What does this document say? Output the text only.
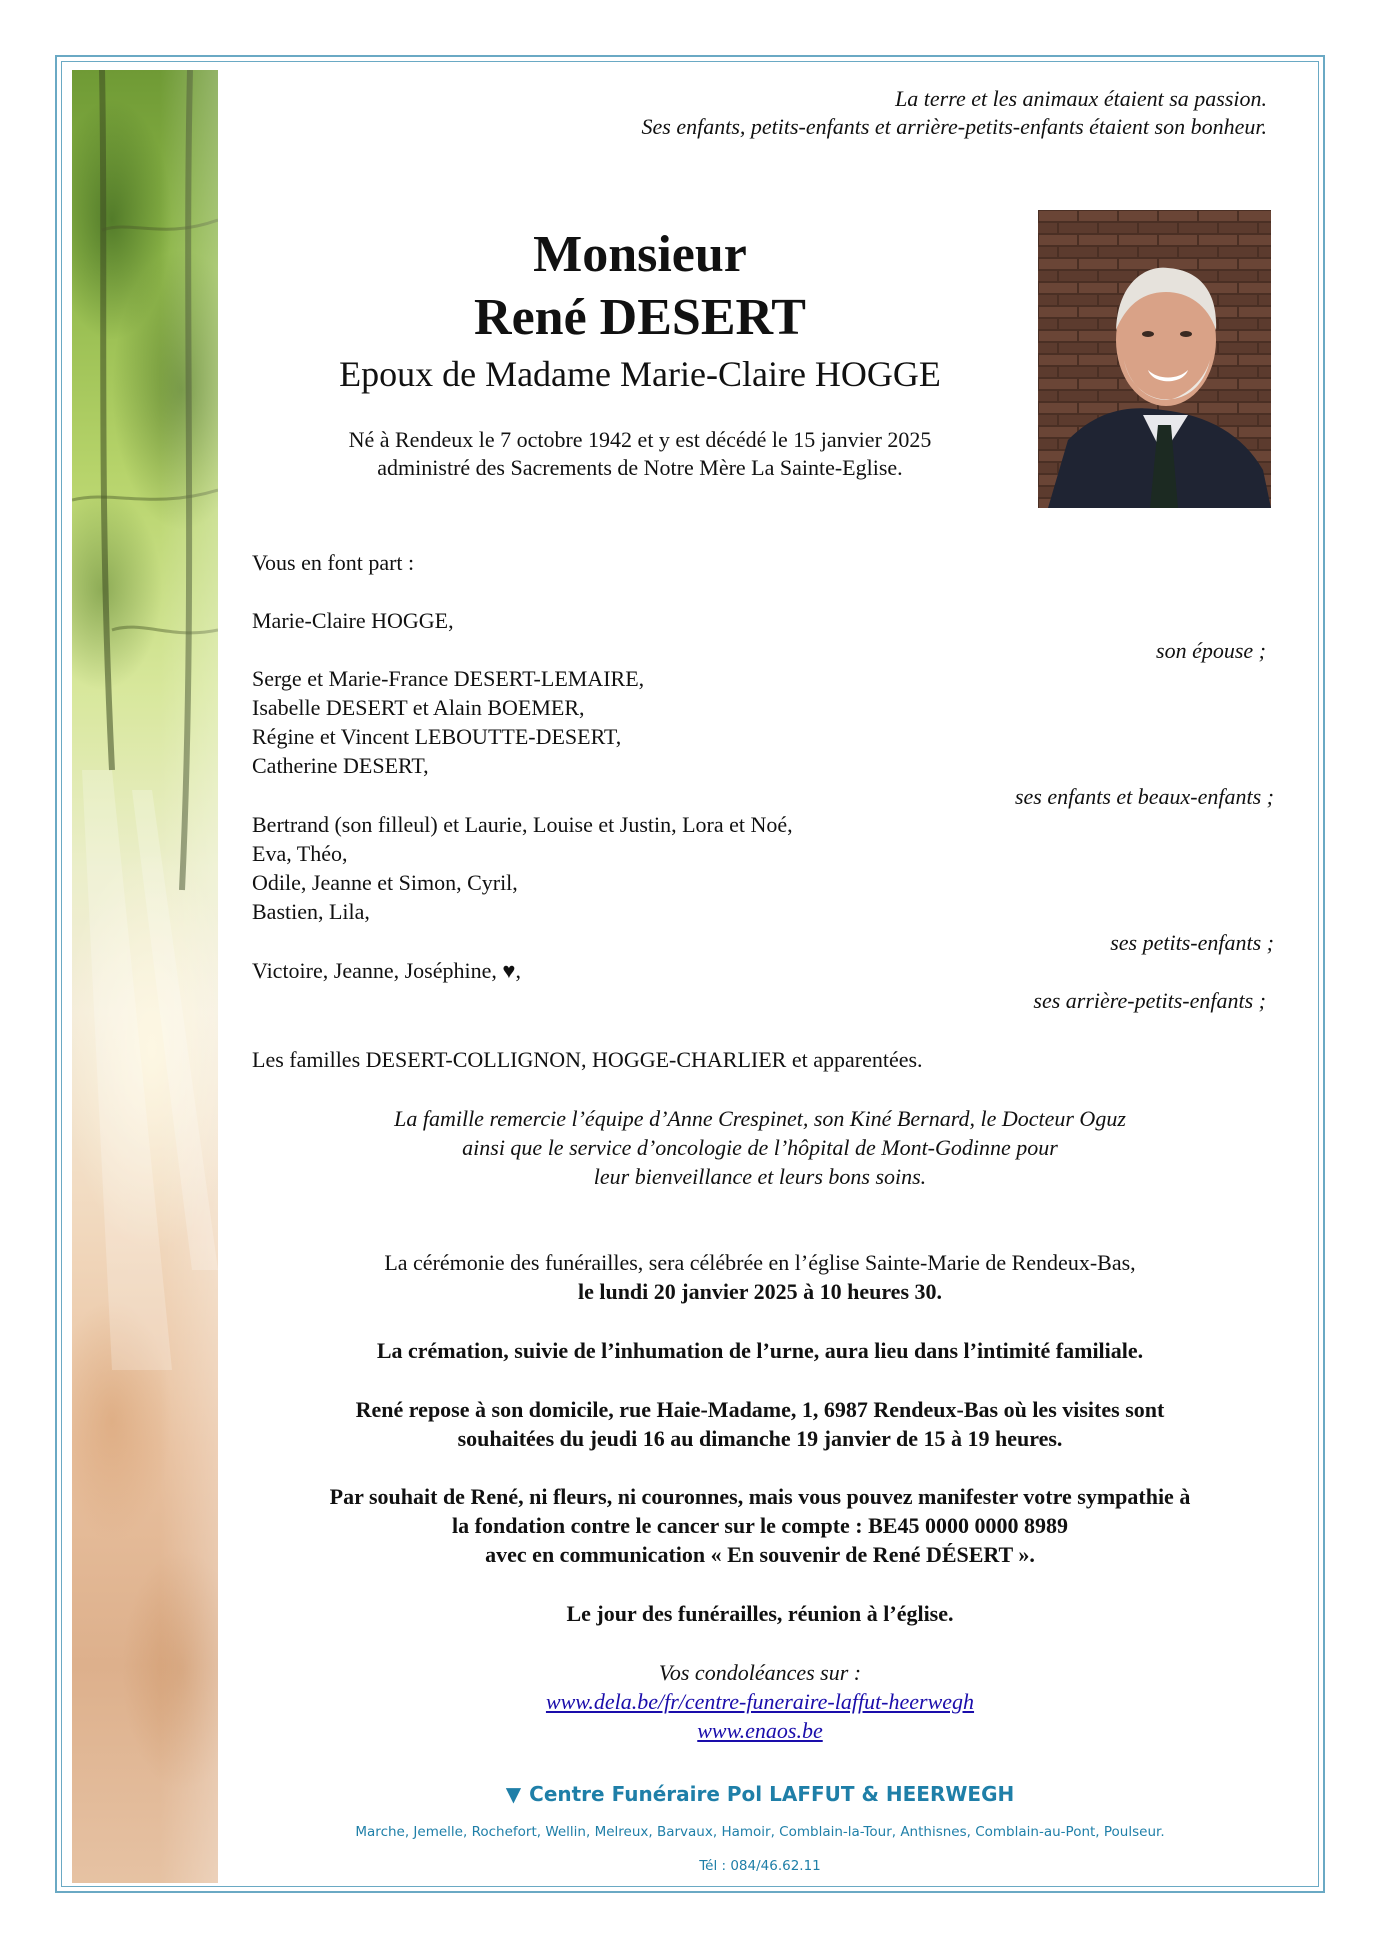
La terre et les animaux étaient sa passion.

Ses enfants, petits-enfants et arrière-petits-enfants étaient son bonheur.

Monsieur

René DESERT

Epoux de Madame Marie-Claire HOGGE

Né à Rendeux le 7 octobre 1942 et y est décédé le 15 janvier 2025

administré des Sacrements de Notre Mère La Sainte-Eglise.

Vous en font part :

Marie-Claire HOGGE,

son épouse ;

Serge et Marie-France DESERT-LEMAIRE,

Isabelle DESERT et Alain BOEMER,

Régine et Vincent LEBOUTTE-DESERT,

Catherine DESERT,

ses enfants et beaux-enfants ;

Bertrand (son filleul) et Laurie, Louise et Justin, Lora et Noé,

Eva, Théo,

Odile, Jeanne et Simon, Cyril,

Bastien, Lila,

ses petits-enfants ;

Victoire, Jeanne, Joséphine, ♥,

ses arrière-petits-enfants ;

Les familles DESERT-COLLIGNON, HOGGE-CHARLIER et apparentées.

La famille remercie l’équipe d’Anne Crespinet, son Kiné Bernard, le Docteur Oguz

ainsi que le service d’oncologie de l’hôpital de Mont-Godinne pour

leur bienveillance et leurs bons soins.

La cérémonie des funérailles, sera célébrée en l’église Sainte-Marie de Rendeux-Bas,

le lundi 20 janvier 2025 à 10 heures 30.

La crémation, suivie de l’inhumation de l’urne, aura lieu dans l’intimité familiale.

René repose à son domicile, rue Haie-Madame, 1, 6987 Rendeux-Bas où les visites sont

souhaitées du jeudi 16 au dimanche 19 janvier de 15 à 19 heures.

Par souhait de René, ni fleurs, ni couronnes, mais vous pouvez manifester votre sympathie à

la fondation contre le cancer sur le compte : BE45 0000 0000 8989

avec en communication « En souvenir de René DÉSERT ».

Le jour des funérailles, réunion à l’église.

Vos condoléances sur :

www.dela.be/fr/centre-funeraire-laffut-heerwegh

www.enaos.be

▼ Centre Funéraire Pol LAFFUT & HEERWEGH

Marche, Jemelle, Rochefort, Wellin, Melreux, Barvaux, Hamoir, Comblain-la-Tour, Anthisnes, Comblain-au-Pont, Poulseur.

Tél : 084/46.62.11
